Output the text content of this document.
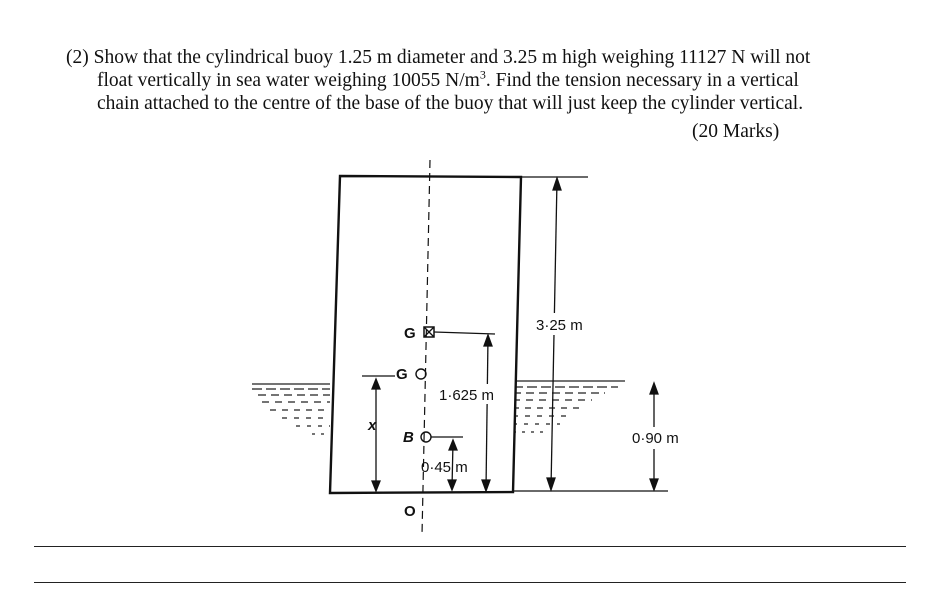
(2) Show that the cylindrical buoy 1.25 m diameter and 3.25 m high weighing 11127 N will not
float vertically in sea water weighing 10055 $N/m^3$. Find the tension necessary in a vertical
chain attached to the centre of the base of the buoy that will just keep the cylinder vertical.
(20 Marks)
G
G
x
B
0·45 m
1·625 m
3·25 m
0·90 m
O
